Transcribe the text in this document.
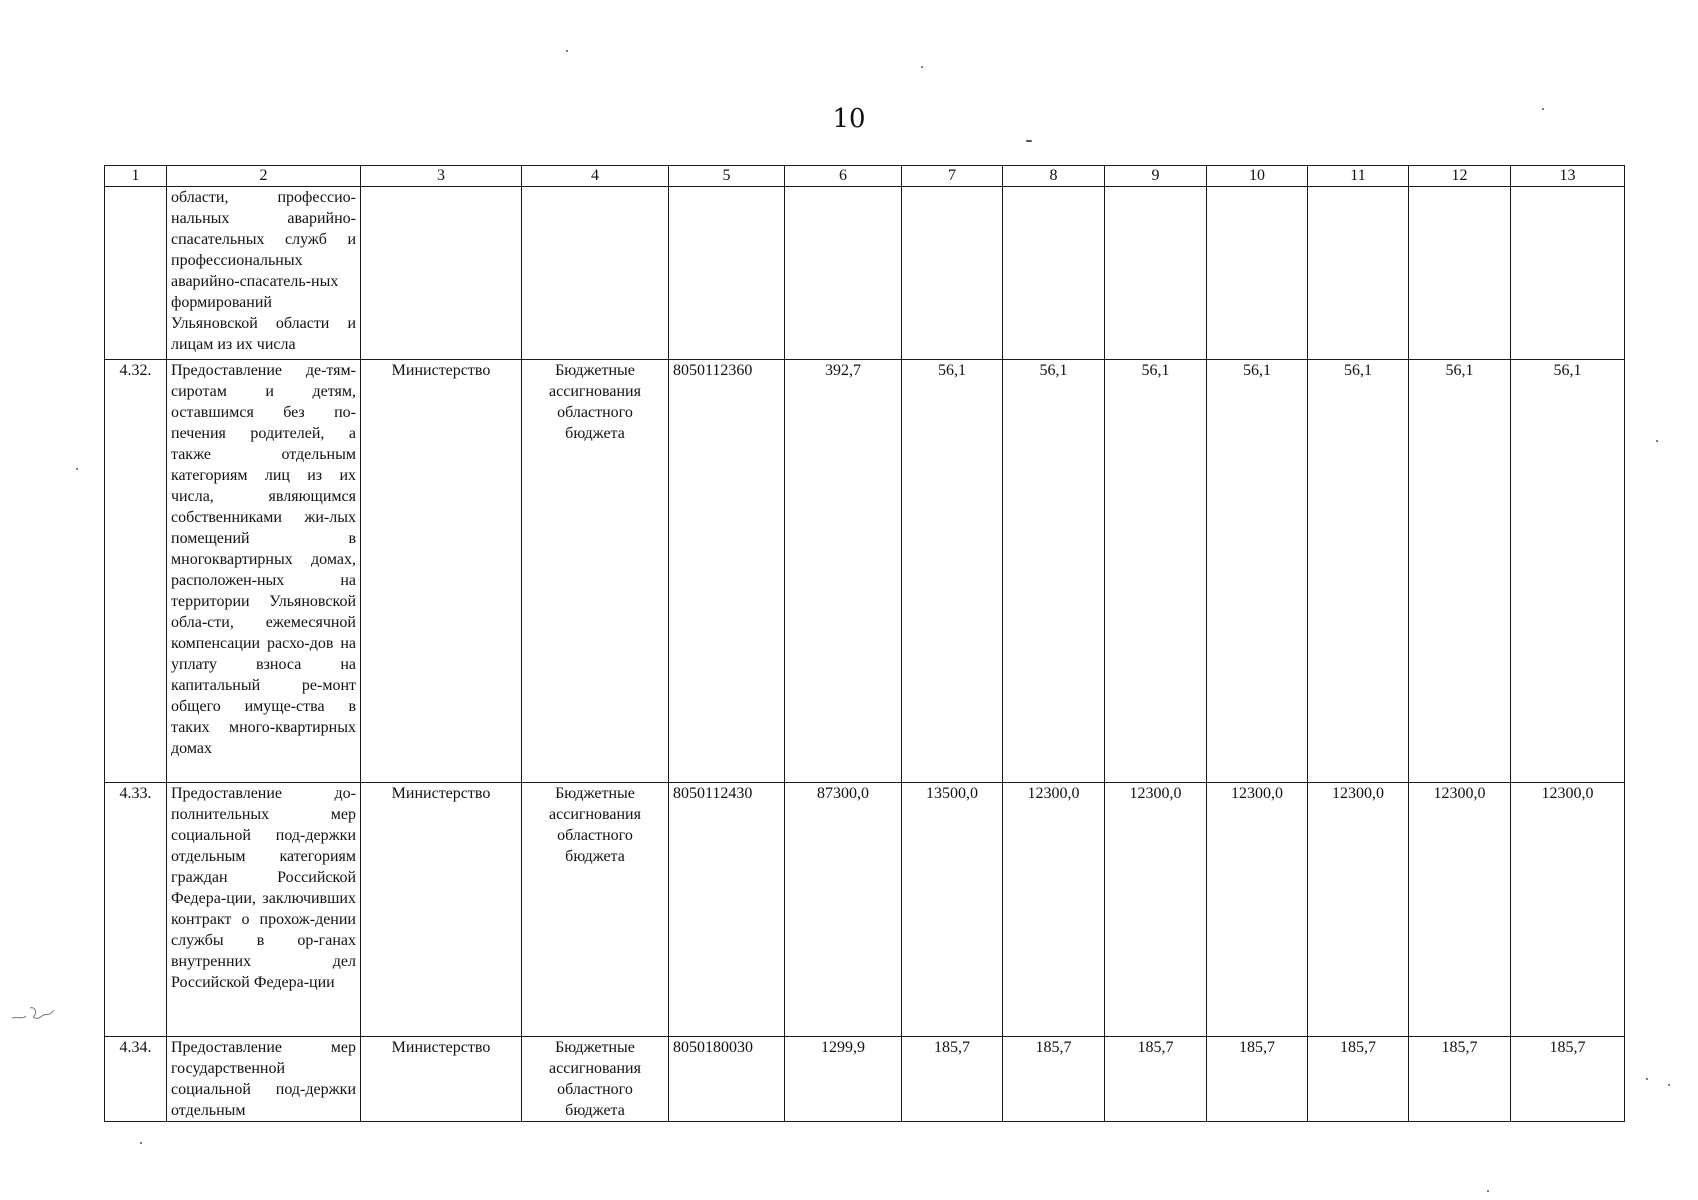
10
1	2	3	4	5	6	7	8	9	10	11	12	13
	области, профессио-нальных аварийно-спасательных служб и профессиональных аварийно-спасатель-ных формирований Ульяновской области и лицам из их числа											
4.32.	Предоставление де-тям-сиротам и детям, оставшимся без по-печения родителей, а также отдельным категориям лиц из их числа, являющимся собственниками жи-лых помещений в многоквартирных домах, расположен-ных на территории Ульяновской обла-сти, ежемесячной компенсации расхо-дов на уплату взноса на капитальный ре-монт общего имуще-ства в таких много-квартирных домах	Министерство	Бюджетные ассигнования областного бюджета	8050112360	392,7	56,1	56,1	56,1	56,1	56,1	56,1	56,1
4.33.	Предоставление до-полнительных мер социальной под-держки отдельным категориям граждан Российской Федера-ции, заключивших контракт о прохож-дении службы в ор-ганах внутренних дел Российской Федера-ции	Министерство	Бюджетные ассигнования областного бюджета	8050112430	87300,0	13500,0	12300,0	12300,0	12300,0	12300,0	12300,0	12300,0
4.34.	Предоставление мер государственной социальной под-держки отдельным	Министерство	Бюджетные ассигнования областного бюджета	8050180030	1299,9	185,7	185,7	185,7	185,7	185,7	185,7	185,7
